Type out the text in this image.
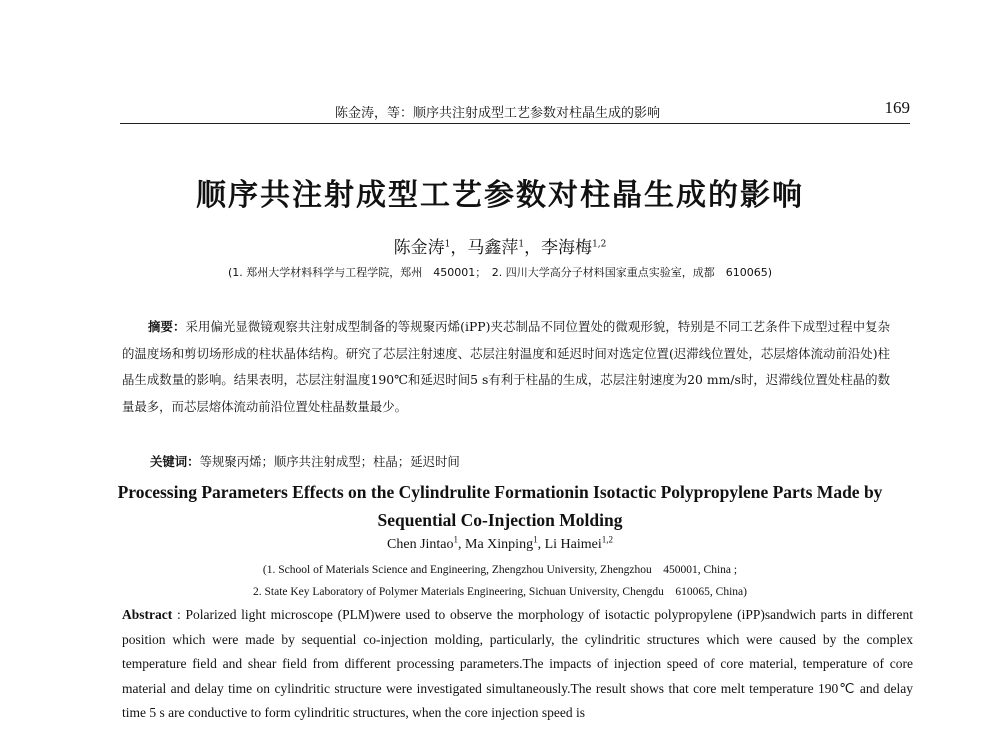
陈金涛，等：顺序共注射成型工艺参数对柱晶生成的影响	169
顺序共注射成型工艺参数对柱晶生成的影响
陈金涛$^1$，马鑫萍$^1$，李海梅$^{1,2}$
(1. 郑州大学材料科学与工程学院，郑州　450001；　2. 四川大学高分子材料国家重点实验室，成都　610065)
摘要：采用偏光显微镜观察共注射成型制备的等规聚丙烯(iPP)夹芯制品不同位置处的微观形貌，特别是不同工艺条件下成型过程中复杂的温度场和剪切场形成的柱状晶体结构。研究了芯层注射速度、芯层注射温度和延迟时间对选定位置(迟滞线位置处，芯层熔体流动前沿处)柱晶生成数量的影响。结果表明，芯层注射温度190℃和延迟时间5 s有利于柱晶的生成，芯层注射速度为20 mm/s时，迟滞线位置处柱晶的数量最多，而芯层熔体流动前沿位置处柱晶数量最少。
关键词：等规聚丙烯；顺序共注射成型；柱晶；延迟时间
Processing Parameters Effects on the Cylindrulite Formationin Isotactic Polypropylene Parts Made by Sequential Co-Injection Molding
Chen Jintao$^1$, Ma Xinping$^1$, Li Haimei$^{1,2}$
(1. School of Materials Science and Engineering, Zhengzhou University, Zhengzhou　450001, China ;
2. State Key Laboratory of Polymer Materials Engineering, Sichuan University, Chengdu　610065, China)
Abstract : Polarized light microscope (PLM)were used to observe the morphology of isotactic polypropylene (iPP)sandwich parts in different position which were made by sequential co-injection molding, particularly, the cylindritic structures which were caused by the complex temperature field and shear field from different processing parameters.The impacts of injection speed of core material, temperature of core material and delay time on cylindritic structure were investigated simultaneously.The result shows that core melt temperature 190℃ and delay time 5 s are conductive to form cylindritic structures, when the core injection speed is
